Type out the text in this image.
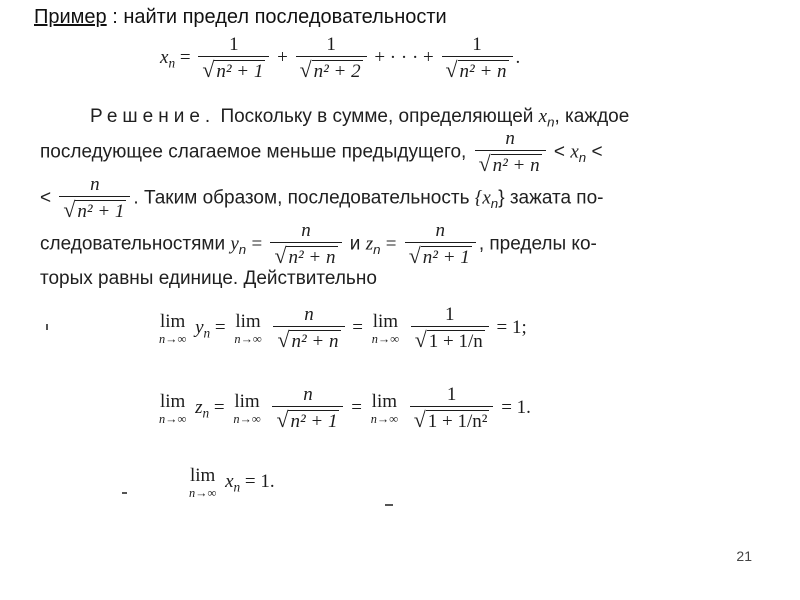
Пример : найти предел последовательности
$x_n = \frac{1}{\text{√ n² + 1}} + \frac{1}{\text{√ n² + 2}}$ + · · · + $\frac{1}{\text{√ n² + n}}$ .
Решение. Поскольку в сумме, определяющей $x_n$, каждое
последующее слагаемое меньше предыдущего, $\frac{n}{\text{√ n² + n}} < x_n$ <
< $\frac{n}{\text{√ n² + 1}}$ . Таким образом, последовательность $\{x_n\}$ зажата по-
следовательностями $y_n = \frac{n}{\text{√ n² + n}}$ и $z_n = \frac{n}{\text{√ n² + 1}}$ , пределы ко-
торых равны единице. Действительно
lim
n→∞
$y_n = \lim$
n→∞
$\frac{n}{\text{√ n² + n}} = \lim$
n→∞
$\frac{1}{√ 1 + 1/n} = 1$;
lim
n→∞
$z_n = \lim$
n→∞
$\frac{n}{\text{√ n² + 1}} = \lim$
n→∞
$\frac{1}{\text{√ 1 + 1/n²}} = 1$.
lim
n→∞
$x_n = 1$.
21
